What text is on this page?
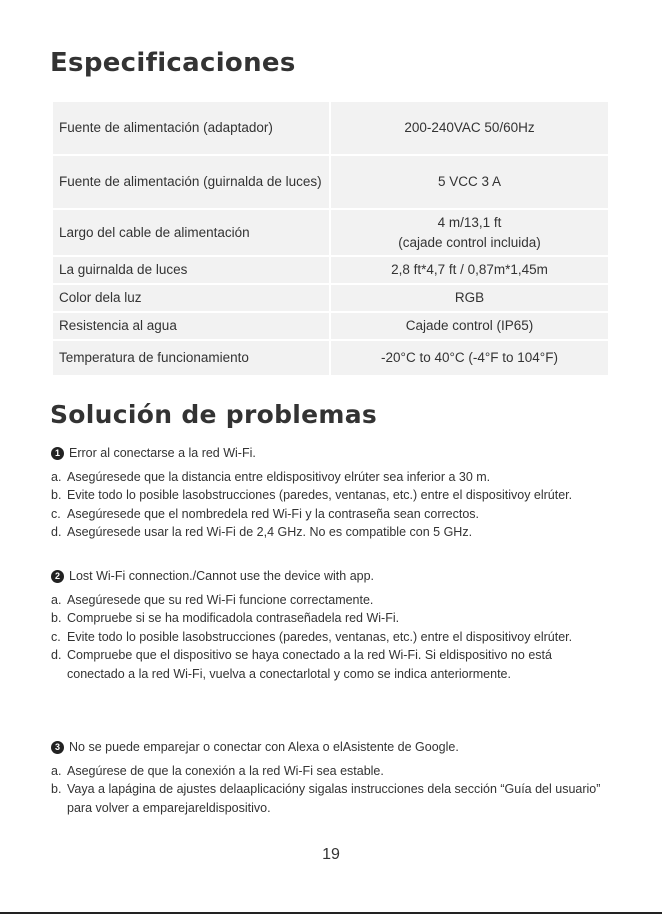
Especificaciones
Fuente de alimentación (adaptador)	200-240VAC 50/60Hz
Fuente de alimentación (guirnalda de luces)	5 VCC 3 A
Largo del cable de alimentación	4 m/13,1 ft
(cajade control incluida)

La guirnalda de luces	2,8 ft*4,7 ft / 0,87m*1,45m
Color dela luz	RGB
Resistencia al agua	Cajade control (IP65)
Temperatura de funcionamiento	-20°C to 40°C (-4°F to 104°F)
Solución de problemas
1 Error al conectarse a la red Wi-Fi.
a. Asegúresede que la distancia entre eldispositivoy elrúter sea inferior a 30 m.
b. Evite todo lo posible lasobstrucciones (paredes, ventanas, etc.) entre el dispositivoy elrúter.
c. Asegúresede que el nombredela red Wi-Fi y la contraseña sean correctos.
d. Asegúresede usar la red Wi-Fi de 2,4 GHz. No es compatible con 5 GHz.
2 Lost Wi-Fi connection./Cannot use the device with app.
a. Asegúresede que su red Wi-Fi funcione correctamente.
b. Compruebe si se ha modificadola contraseñadela red Wi-Fi.
c. Evite todo lo posible lasobstrucciones (paredes, ventanas, etc.) entre el dispositivoy elrúter.
d. Compruebe que el dispositivo se haya conectado a la red Wi-Fi. Si eldispositivo no está conectado a la red Wi-Fi, vuelva a conectarlotal y como se indica anteriormente.
3 No se puede emparejar o conectar con Alexa o elAsistente de Google.
a. Asegúrese de que la conexión a la red Wi-Fi sea estable.
b. Vaya a lapágina de ajustes delaaplicacióny sigalas instrucciones dela sección “Guía del usuario” para volver a emparejareldispositivo.
19
